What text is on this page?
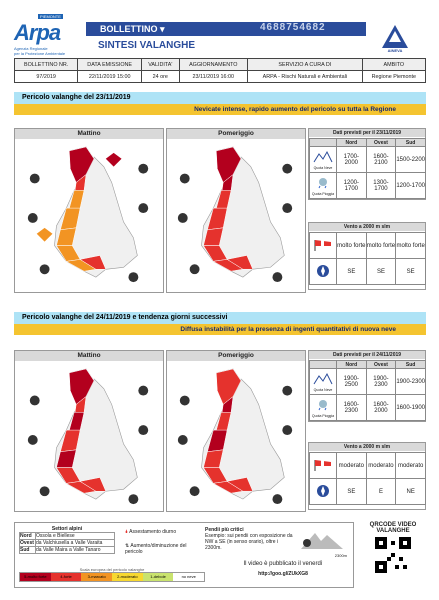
PIEMONTE
Arpa
Agenzia Regionale
per la Protezione Ambientale
BOLLETTINO ▾	4688754682
SINTESI VALANGHE	AINEVA
BOLLETTINO NR.	DATA EMISSIONE	VALIDITA'	AGGIORNAMENTO	SERVIZIO A CURA DI	AMBITO
97/2019	22/11/2019 15:00	24 ore	23/11/2019 16:00	ARPA - Rischi Naturali e Ambientali	Regione Piemonte
Pericolo valanghe del 23/11/2019
Nevicate intense, rapido aumento del pericolo su tutta la Regione
Mattino	Pomeriggio	Dati previsti per il 23/11/2019
	Nord	Ovest	Sud

Quota Neve	1700-2000	1600-2100	1500-2200

Quota Pioggia	1200-1700	1300-1700	1200-1700
Vento a 2000 m slm
	molto forte	molto forte	molto forte
	SE	SE	SE
Pericolo valanghe del 24/11/2019 e tendenza giorni successivi
Diffusa instabilità per la presenza di ingenti quantitativi di nuova neve
Mattino	Pomeriggio	Dati previsti per il 24/11/2019
	Nord	Ovest	Sud

Quota Neve	1900-2500	1900-2300	1900-2300

Quota Pioggia	1600-2300	1600-2000	1600-1900
Vento a 2000 m slm
	moderato	moderato	moderato
	SE	E	NE
Settori alpini
Nord	Ossola e Biellese
Ovest	da Valchiusella a Valle Varaita
Sud	da Valle Maira a Valle Tanaro
🌢 Assestamento diurno
⇅ Aumento/diminuzione del pericolo
Pendii più critici
Esempio: sui pendii con esposizione da NW a SE (in senso orario), oltre i 2300m.
2300m
Scala europea del pericolo valanghe
5-molto forte	4-forte	3-marcato	2-moderato	1-debole	no neve
Il video è pubblicato il venerdì
http://goo.gl/ZUkXG8
QRCODE VIDEO VALANGHE
